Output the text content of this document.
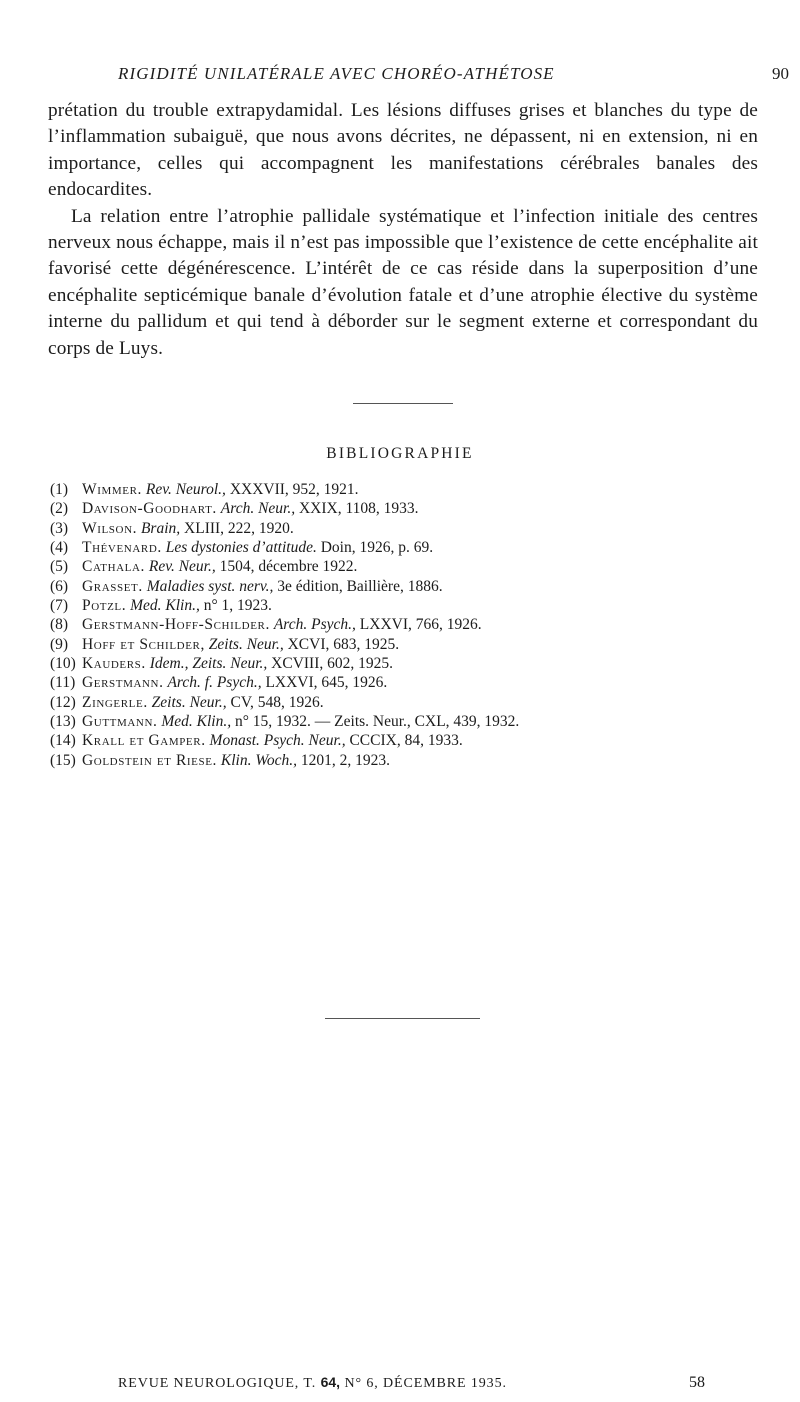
RIGIDITÉ UNILATÉRALE AVEC CHORÉO-ATHÉTOSE	90

prétation du trouble extrapydamidal. Les lésions diffuses grises et blanches du type de l’inflammation subaiguë, que nous avons décrites, ne dépassent, ni en extension, ni en importance, celles qui accompagnent les manifestations cérébrales banales des endocardites.

La relation entre l’atrophie pallidale systématique et l’infection initiale des centres nerveux nous échappe, mais il n’est pas impossible que l’existence de cette encéphalite ait favorisé cette dégénérescence. L’intérêt de ce cas réside dans la superposition d’une encéphalite septicémique banale d’évolution fatale et d’une atrophie élective du système interne du pallidum et qui tend à déborder sur le segment externe et correspondant du corps de Luys.

BIBLIOGRAPHIE
(1) Wimmer. Rev. Neurol., XXXVII, 952, 1921.
(2) Davison-Goodhart. Arch. Neur., XXIX, 1108, 1933.
(3) Wilson. Brain, XLIII, 222, 1920.
(4) Thévenard. Les dystonies d’attitude. Doin, 1926, p. 69.
(5) Cathala. Rev. Neur., 1504, décembre 1922.
(6) Grasset. Maladies syst. nerv., 3e édition, Baillière, 1886.
(7) Potzl. Med. Klin., n° 1, 1923.
(8) Gerstmann-Hoff-Schilder. Arch. Psych., LXXVI, 766, 1926.
(9) Hoff et Schilder, Zeits. Neur., XCVI, 683, 1925.
(10) Kauders. Idem., Zeits. Neur., XCVIII, 602, 1925.
(11) Gerstmann. Arch. f. Psych., LXXVI, 645, 1926.
(12) Zingerle. Zeits. Neur., CV, 548, 1926.
(13) Guttmann. Med. Klin., n° 15, 1932. — Zeits. Neur., CXL, 439, 1932.
(14) Krall et Gamper. Monast. Psych. Neur., CCCIX, 84, 1933.
(15) Goldstein et Riese. Klin. Woch., 1201, 2, 1923.
REVUE NEUROLOGIQUE, T. 64, N° 6, DÉCEMBRE 1935.	58
